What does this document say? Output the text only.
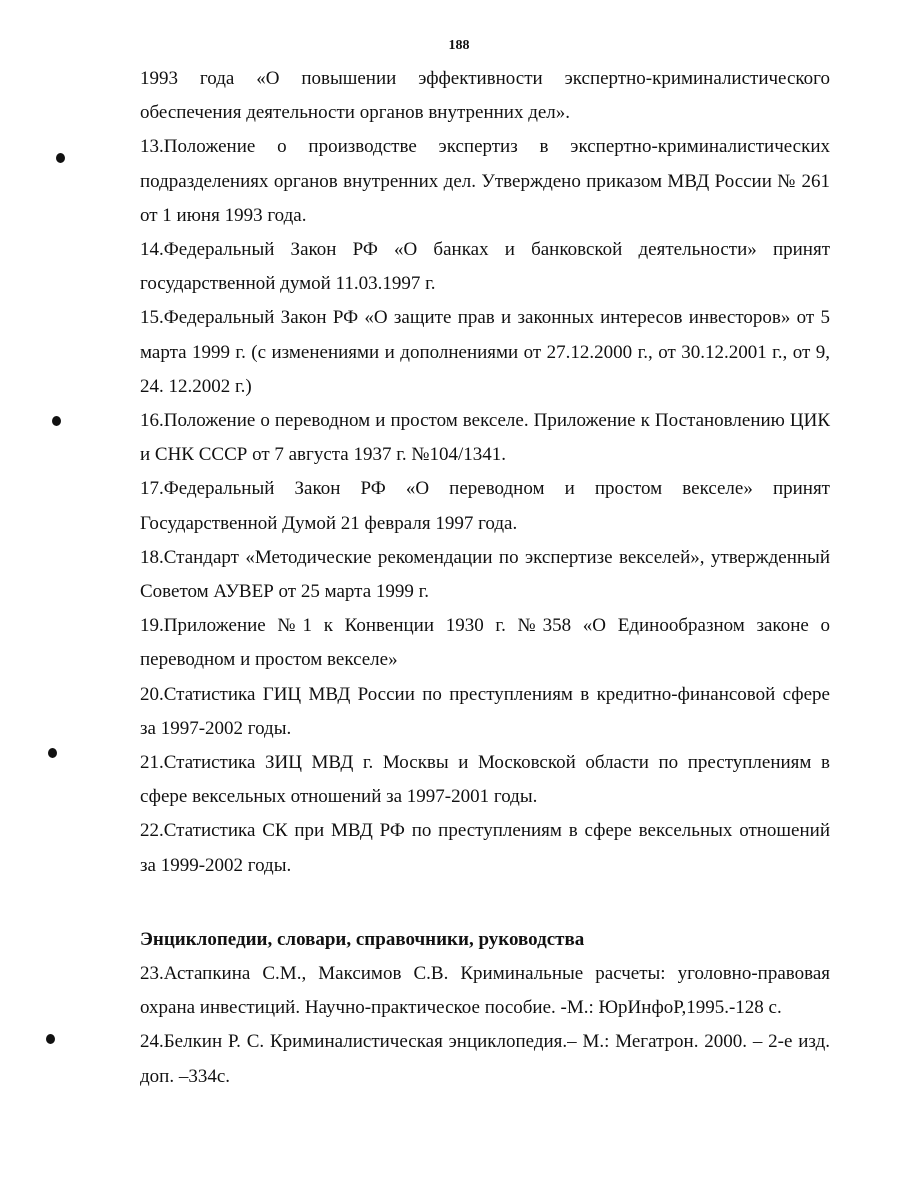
188

1993 года «О повышении эффективности экспертно-криминалистического обеспечения деятельности органов внутренних дел».

13.Положение о производстве экспертиз в экспертно-криминалистических подразделениях органов внутренних дел. Утверждено приказом МВД России № 261 от 1 июня 1993 года.

14.Федеральный Закон РФ «О банках и банковской деятельности» принят государственной думой 11.03.1997 г.

15.Федеральный Закон РФ «О защите прав и законных интересов инвесторов» от 5 марта 1999 г. (с изменениями и дополнениями от 27.12.2000 г., от 30.12.2001 г., от 9, 24. 12.2002 г.)

16.Положение о переводном и простом векселе. Приложение к Постановлению ЦИК и СНК СССР от 7 августа 1937 г. №104/1341.

17.Федеральный Закон РФ «О переводном и простом векселе» принят Государственной Думой 21 февраля 1997 года.

18.Стандарт «Методические рекомендации по экспертизе векселей», утвержденный Советом АУВЕР от 25 марта 1999 г.

19.Приложение №1 к Конвенции 1930 г. №358 «О Единообразном законе о переводном и простом векселе»

20.Статистика ГИЦ МВД России по преступлениям в кредитно-финансовой сфере за 1997-2002 годы.

21.Статистика ЗИЦ МВД г. Москвы и Московской области по преступлениям в сфере вексельных отношений за 1997-2001 годы.

22.Статистика СК при МВД РФ по преступлениям в сфере вексельных отношений за 1999-2002 годы.

Энциклопедии, словари, справочники, руководства

23.Астапкина С.М., Максимов С.В. Криминальные расчеты: уголовно-правовая охрана инвестиций. Научно-практическое пособие. -М.: ЮрИнфоР,1995.-128 с.

24.Белкин Р. С. Криминалистическая энциклопедия.– М.: Мегатрон. 2000. – 2-е изд. доп. –334с.
